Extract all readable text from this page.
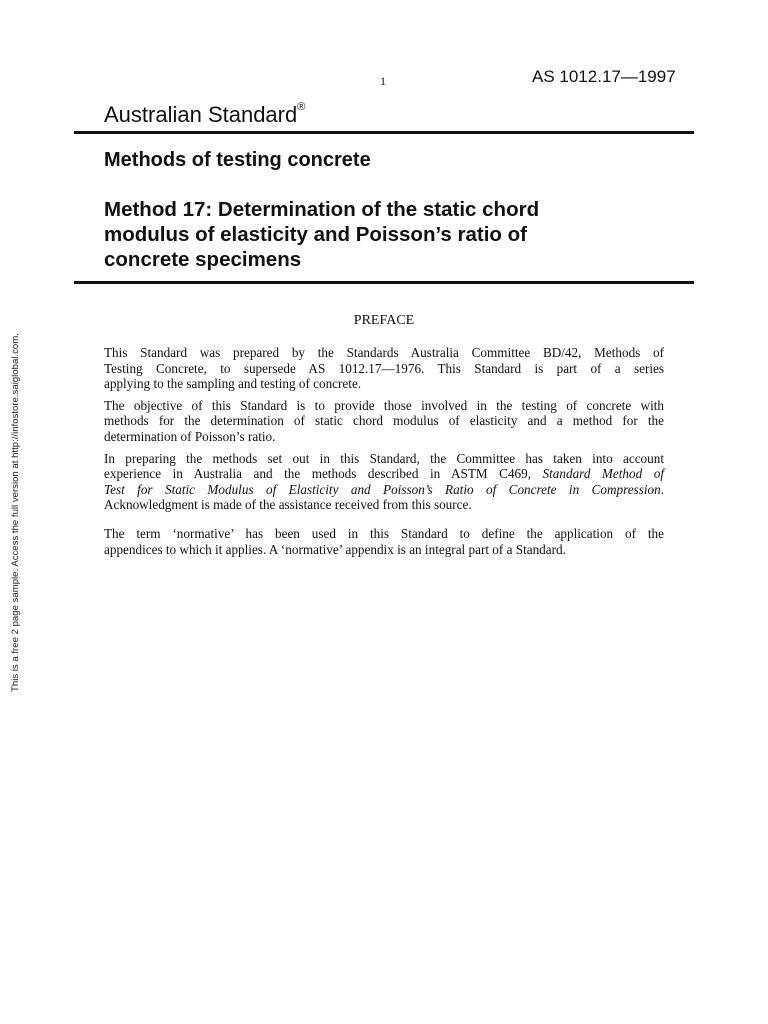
1	AS 1012.17—1997
Australian Standard®
Methods of testing concrete
Method 17: Determination of the static chord
modulus of elasticity and Poisson’s ratio of
concrete specimens
PREFACE

This Standard was prepared by the Standards Australia Committee BD/42, Methods of
Testing Concrete, to supersede AS 1012.17—1976. This Standard is part of a series
applying to the sampling and testing of concrete.

The objective of this Standard is to provide those involved in the testing of concrete with
methods for the determination of static chord modulus of elasticity and a method for the
determination of Poisson’s ratio.

In preparing the methods set out in this Standard, the Committee has taken into account
experience in Australia and the methods described in ASTM C469, Standard Method of
Test for Static Modulus of Elasticity and Poisson’s Ratio of Concrete in Compression.
Acknowledgment is made of the assistance received from this source.

The term ‘normative’ has been used in this Standard to define the application of the
appendices to which it applies. A ‘normative’ appendix is an integral part of a Standard.

This is a free 2 page sample. Access the full version at http://infostore.saiglobal.com.
